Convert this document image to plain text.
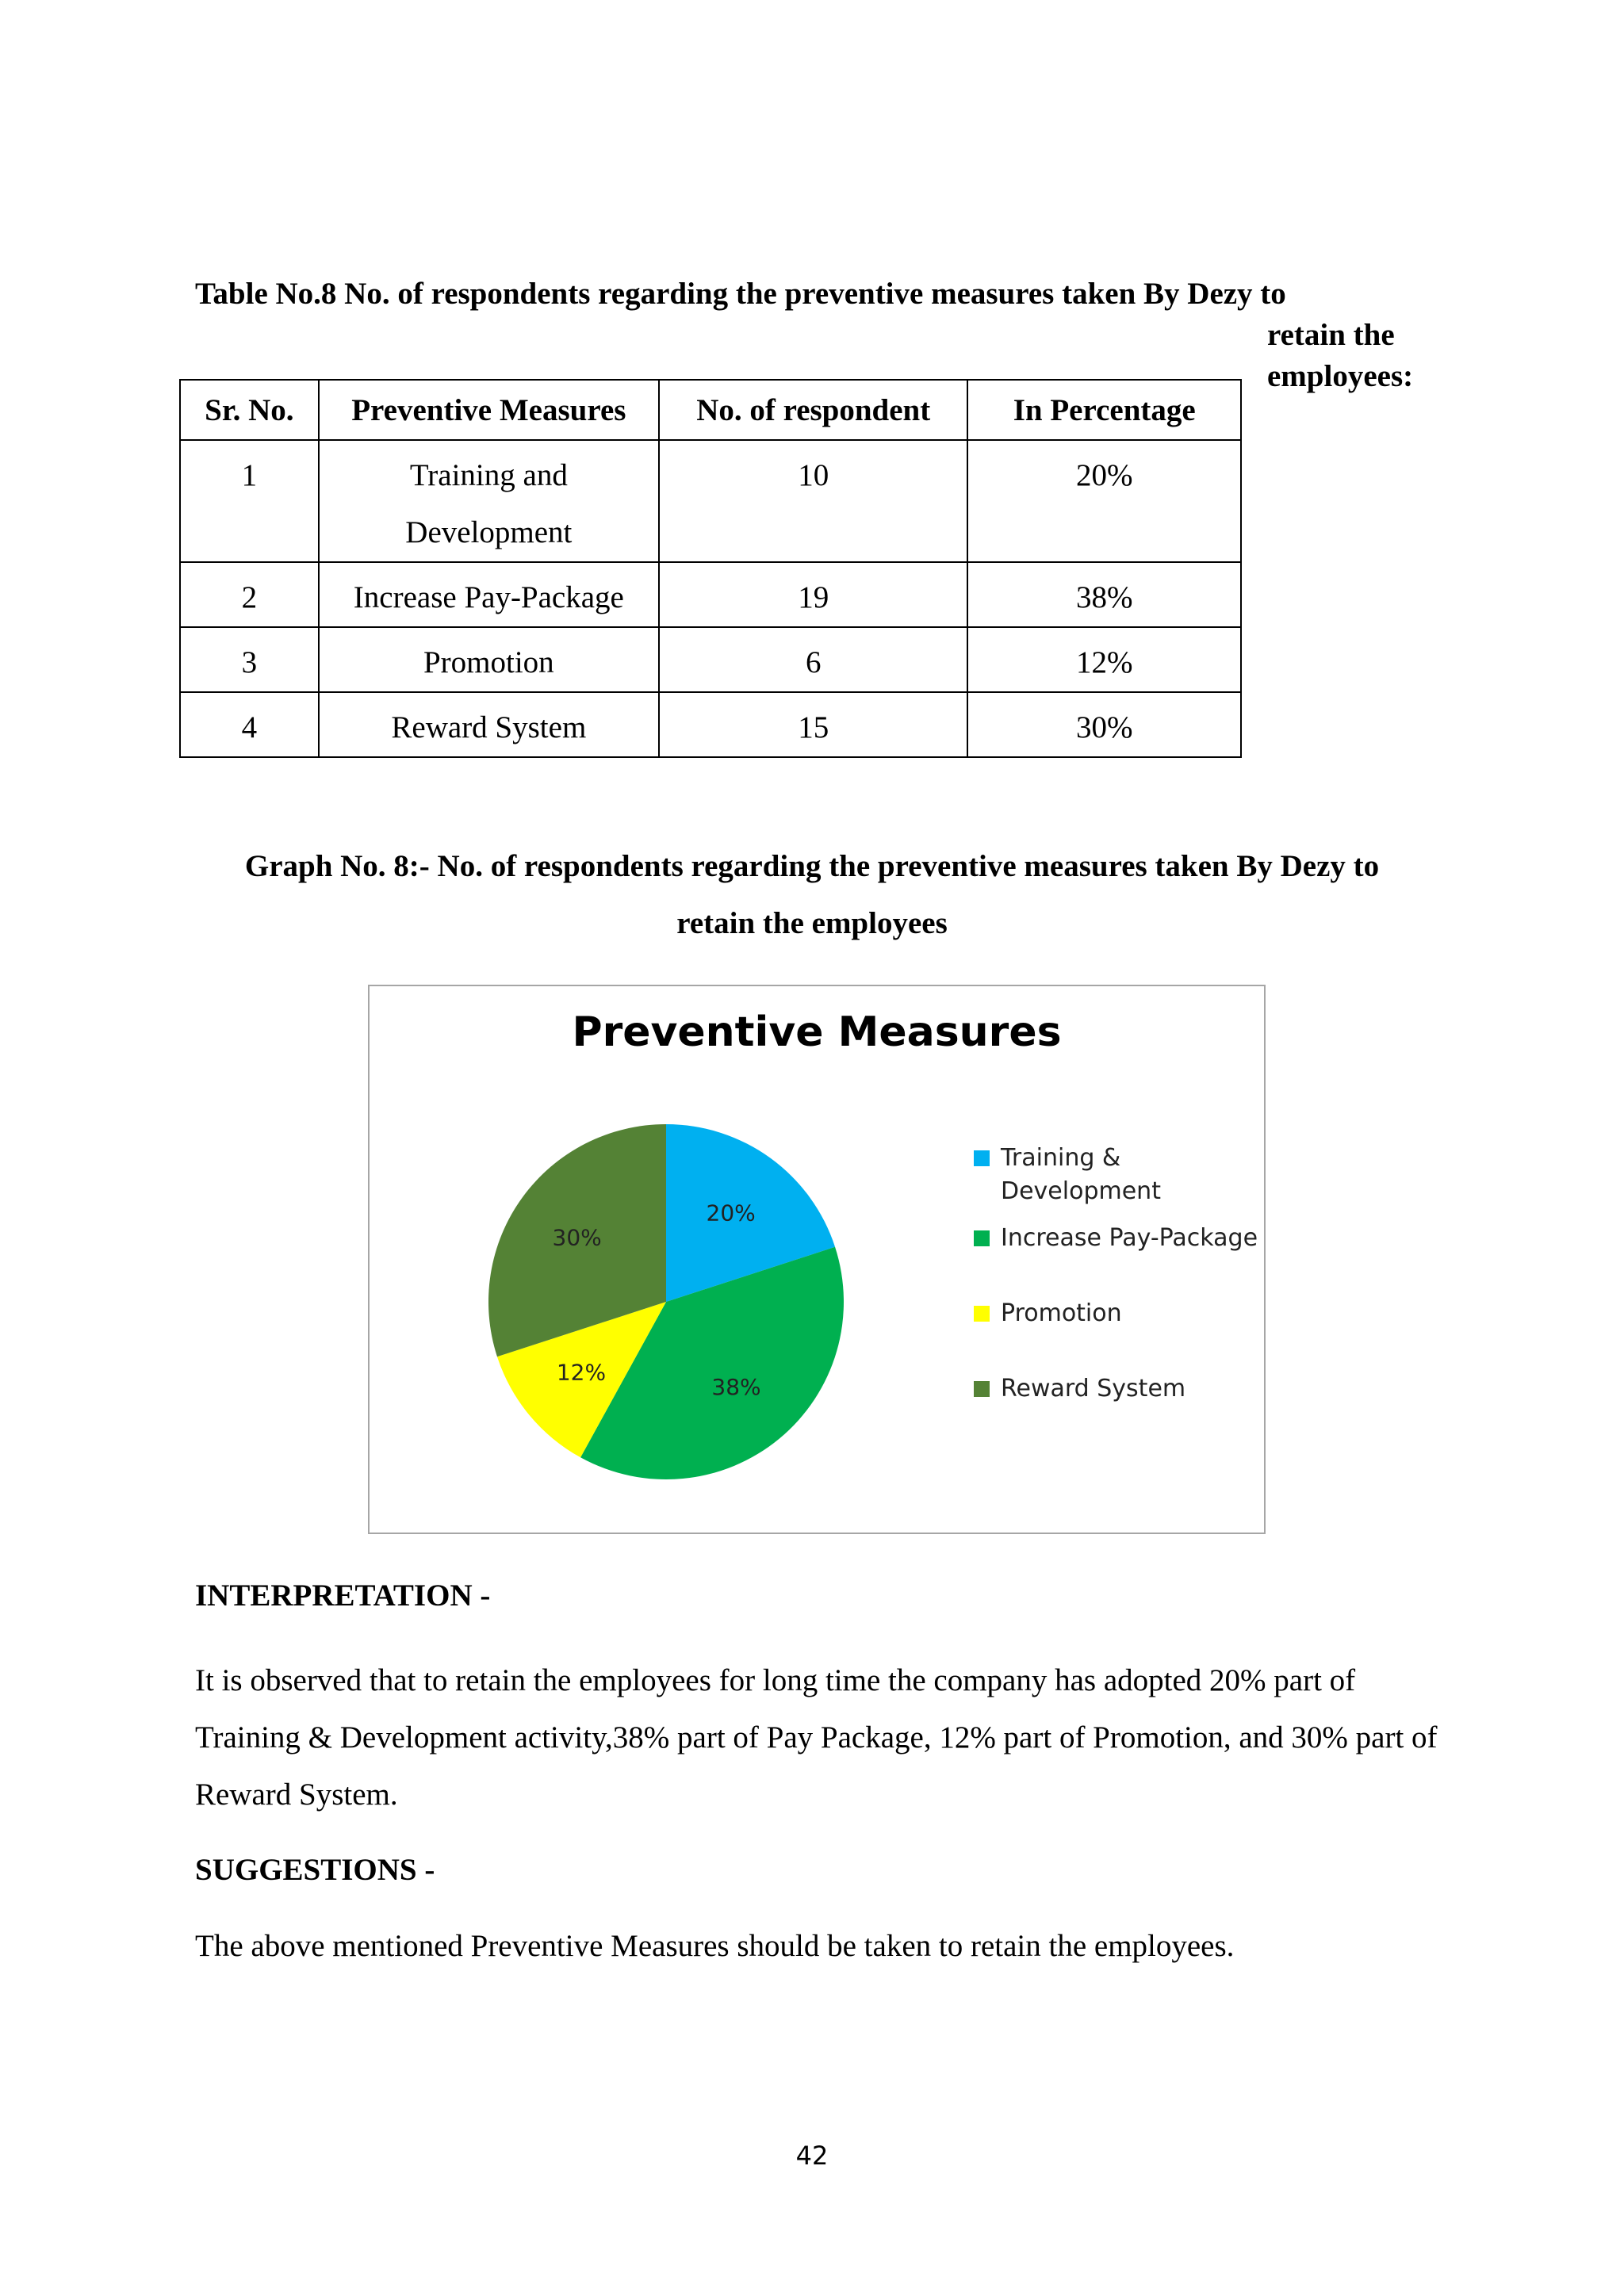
Table No.8 No. of respondents regarding the preventive measures taken By Dezy to
retain the
employees:
Sr. No.	Preventive Measures	No. of respondent	In Percentage
1	Training and
Development	10	20%
2	Increase Pay-Package	19	38%
3	Promotion	6	12%
4	Reward System	15	30%
Graph No. 8:- No. of respondents regarding the preventive measures taken By Dezy to
retain the employees
Preventive Measures
20%
38%
12%
30%
Training &
Development
Increase Pay-Package
Promotion
Reward System
INTERPRETATION -
It is observed that to retain the employees for long time the company has adopted 20% part of Training & Development activity,38% part of Pay Package, 12% part of Promotion, and 30% part of Reward System.
SUGGESTIONS -
The above mentioned Preventive Measures should be taken to retain the employees.
42
